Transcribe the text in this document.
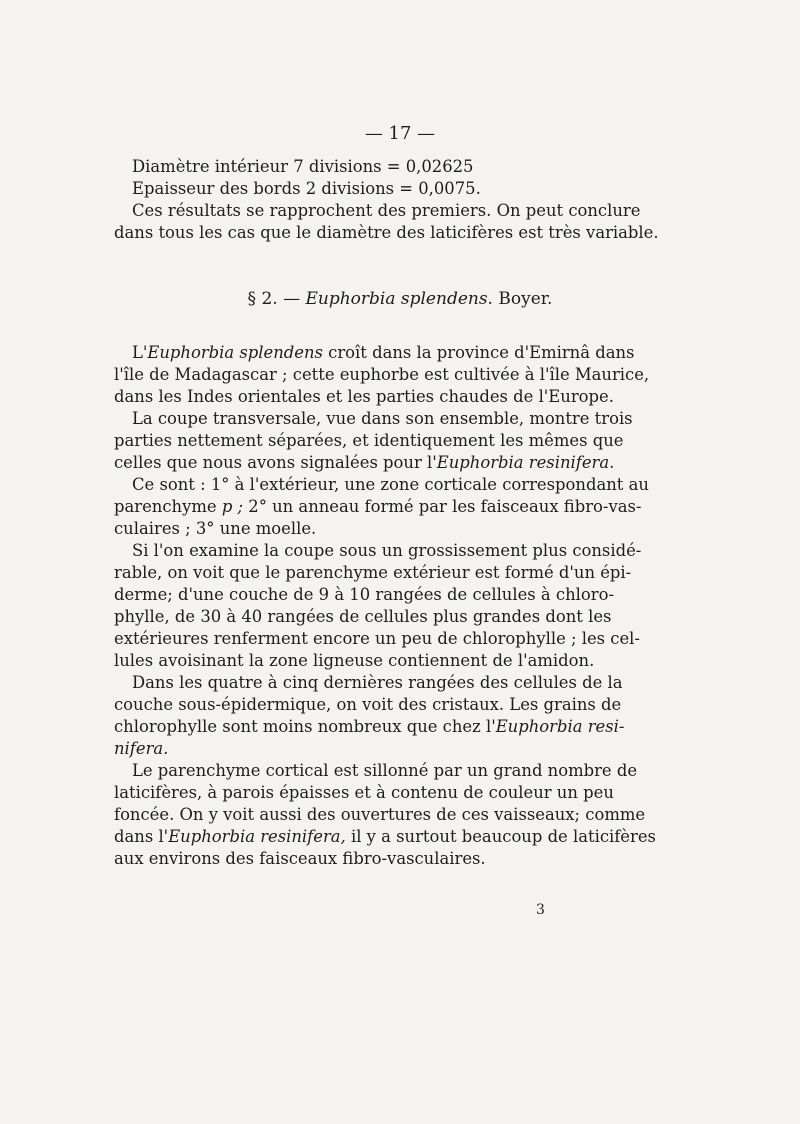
— 17 —
Diamètre intérieur 7 divisions = 0,02625
Epaisseur des bords 2 divisions = 0,0075.
Ces résultats se rapprochent des premiers. On peut conclure
dans tous les cas que le diamètre des laticifères est très variable.
§ 2. — Euphorbia splendens. Boyer.
L'Euphorbia splendens croît dans la province d'Emirnâ dans
l'île de Madagascar ; cette euphorbe est cultivée à l'île Maurice,
dans les Indes orientales et les parties chaudes de l'Europe.
La coupe transversale, vue dans son ensemble, montre trois
parties nettement séparées, et identiquement les mêmes que
celles que nous avons signalées pour l'Euphorbia resinifera.
Ce sont : 1° à l'extérieur, une zone corticale correspondant au
parenchyme p ; 2° un anneau formé par les faisceaux fibro-vas-
culaires ; 3° une moelle.
Si l'on examine la coupe sous un grossissement plus considé-
rable, on voit que le parenchyme extérieur est formé d'un épi-
derme; d'une couche de 9 à 10 rangées de cellules à chloro-
phylle, de 30 à 40 rangées de cellules plus grandes dont les
extérieures renferment encore un peu de chlorophylle ; les cel-
lules avoisinant la zone ligneuse contiennent de l'amidon.
Dans les quatre à cinq dernières rangées des cellules de la
couche sous-épidermique, on voit des cristaux. Les grains de
chlorophylle sont moins nombreux que chez l'Euphorbia resi-
nifera.
Le parenchyme cortical est sillonné par un grand nombre de
laticifères, à parois épaisses et à contenu de couleur un peu
foncée. On y voit aussi des ouvertures de ces vaisseaux; comme
dans l'Euphorbia resinifera, il y a surtout beaucoup de laticifères
aux environs des faisceaux fibro-vasculaires.
3
